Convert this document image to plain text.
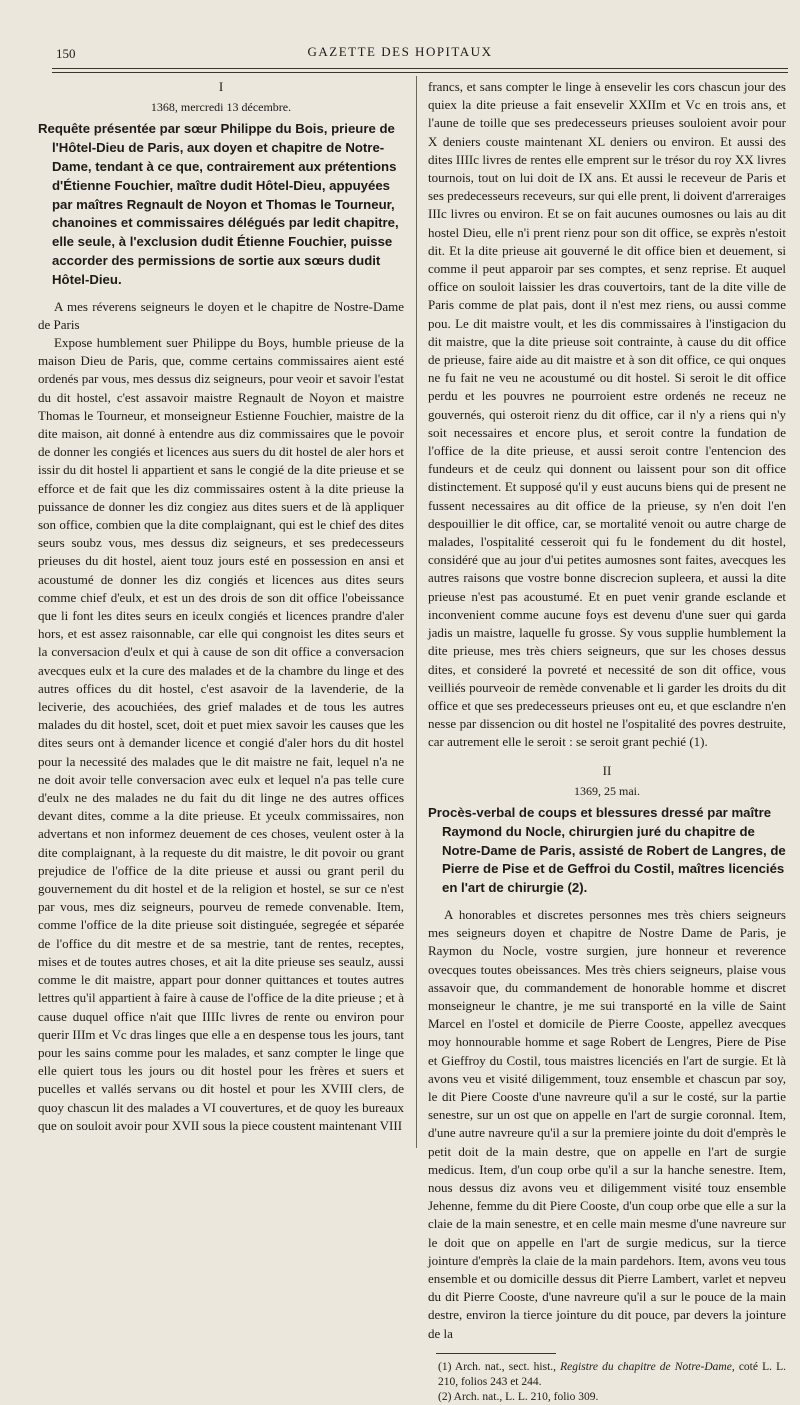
150	GAZETTE DES HOPITAUX
I
1368, mercredi 13 décembre.
Requête présentée par sœur Philippe du Bois, prieure de l'Hôtel-Dieu de Paris, aux doyen et chapitre de Notre-Dame, tendant à ce que, contrairement aux prétentions d'Étienne Fouchier, maître dudit Hôtel-Dieu, appuyées par maîtres Regnault de Noyon et Thomas le Tourneur, chanoines et commissaires délégués par ledit chapitre, elle seule, à l'exclusion dudit Étienne Fouchier, puisse accorder des permissions de sortie aux sœurs dudit Hôtel-Dieu.

A mes réverens seigneurs le doyen et le chapitre de Nostre-Dame de Paris

Expose humblement suer Philippe du Boys, humble prieuse de la maison Dieu de Paris, que, comme certains commissaires aient esté ordenés par vous, mes dessus diz seigneurs, pour veoir et savoir l'estat du dit hostel, c'est assavoir maistre Regnault de Noyon et maistre Thomas le Tourneur, et monseigneur Estienne Fouchier, maistre de la dite maison, ait donné à entendre aus diz commissaires que le povoir de donner les congiés et licences aus suers du dit hostel de aler hors et issir du dit hostel li appartient et sans le congié de la dite prieuse et se efforce et de fait que les diz commissaires ostent à la dite prieuse la puissance de donner les diz congiez aus dites suers et de là appliquer son office, combien que la dite complaignant, qui est le chief des dites seurs soubz vous, mes dessus diz seigneurs, et ses predecesseurs prieuses du dit hostel, aient touz jours esté en possession en ansi et acoustumé de donner les diz congiés et licences aus dites seurs comme chief d'eulx, et est un des drois de son dit office l'obeissance que li font les dites seurs en iceulx congiés et licences prandre d'aler hors, et est assez raisonnable, car elle qui congnoist les dites seurs et la conversacion d'eulx et qui à cause de son dit office a conversacion avecques eulx et la cure des malades et de la chambre du linge et des autres offices du dit hostel, c'est asavoir de la lavenderie, de la leciverie, des acouchiées, des grief malades et de tous les autres malades du dit hostel, scet, doit et puet miex savoir les causes que les dites seurs ont à demander licence et congié d'aler hors du dit hostel pour la necessité des malades que le dit maistre ne fait, lequel n'a ne ne doit avoir telle conversacion avec eulx et lequel n'a pas telle cure d'eulx ne des malades ne du fait du dit linge ne des autres offices devant dites, comme a la dite prieuse. Et yceulx commissaires, non advertans et non informez deuement de ces choses, veulent oster à la dite complaignant, à la requeste du dit maistre, le dit povoir ou grant prejudice de l'office de la dite prieuse et aussi ou grant peril du gouvernement du dit hostel et de la religion et hostel, se sur ce n'est par vous, mes diz seigneurs, pourveu de remede convenable. Item, comme l'office de la dite prieuse soit distinguée, segregée et séparée de l'office du dit mestre et de sa mestrie, tant de rentes, receptes, mises et de toutes autres choses, et ait la dite prieuse ses seaulz, aussi comme le dit maistre, appart pour donner quittances et toutes autres lettres qu'il appartient à faire à cause de l'office de la dite prieuse ; et à cause duquel office n'ait que IIIIc livres de rente ou environ pour querir IIIm et Vc dras linges que elle a en despense tous les jours, tant pour les sains comme pour les malades, et sanz compter le linge que elle quiert tous les jours ou dit hostel pour les frères et suers et pucelles et vallés servans ou dit hostel et pour les XVIII clers, de quoy chascun lit des malades a VI couvertures, et de quoy les bureaux que on souloit avoir pour XVII sous la piece coustent maintenant VIII

francs, et sans compter le linge à ensevelir les cors chascun jour des quiex la dite prieuse a fait ensevelir XXIIm et Vc en trois ans, et l'aune de toille que ses predecesseurs prieuses souloient avoir pour X deniers couste maintenant XL deniers ou environ. Et aussi des dites IIIIc livres de rentes elle emprent sur le trésor du roy XX livres tournois, tout on lui doit de IX ans. Et aussi le receveur de Paris et ses predecesseurs receveurs, sur qui elle prent, li doivent d'arreraiges IIIc livres ou environ. Et se on fait aucunes oumosnes ou lais au dit hostel Dieu, elle n'i prent rienz pour son dit office, se exprès n'estoit dit. Et la dite prieuse ait gouverné le dit office bien et deuement, si comme il peut apparoir par ses comptes, et senz reprise. Et auquel office on souloit laissier les dras couvertoirs, tant de la dite ville de Paris comme de plat pais, dont il n'est mez riens, ou aussi comme pou. Le dit maistre voult, et les dis commissaires à l'instigacion du dit maistre, que la dite prieuse soit contrainte, à cause du dit office de prieuse, faire aide au dit maistre et à son dit office, ce qui onques ne fu fait ne veu ne acoustumé ou dit hostel. Si seroit le dit office perdu et les pouvres ne pourroient estre ordenés ne receuz ne gouvernés, qui osteroit rienz du dit office, car il n'y a riens qui n'y soit necessaires et encore plus, et seroit contre la fundation de l'office de la dite prieuse, et aussi seroit contre l'entencion des fundeurs et de ceulz qui donnent ou laissent pour son dit office distinctement. Et supposé qu'il y eust aucuns biens qui de present ne fussent necessaires au dit office de la prieuse, sy n'en doit l'en despouillier le dit office, car, se mortalité venoit ou autre charge de malades, l'ospitalité cesseroit qui fu le fondement du dit hostel, considéré que au jour d'ui petites aumosnes sont faites, avecques les autres raisons que vostre bonne discrecion supleera, et aussi la dite prieuse n'est pas acoustumé. Et en puet venir grande esclande et inconvenient comme aucune foys est devenu d'une suer qui garda jadis un maistre, laquelle fu grosse. Sy vous supplie humblement la dite prieuse, mes très chiers seigneurs, que sur les choses dessus dites, et consideré la povreté et necessité de son dit office, vous veilliés pourveoir de remède convenable et li garder les droits du dit office et que ses predecesseurs prieuses ont eu, et que esclandre n'en nesse par dissencion ou dit hostel ne l'ospitalité des povres destruite, car autrement elle le seroit : se seroit grant pechié (1).

II
1369, 25 mai.
Procès-verbal de coups et blessures dressé par maître Raymond du Nocle, chirurgien juré du chapitre de Notre-Dame de Paris, assisté de Robert de Langres, de Pierre de Pise et de Geffroi du Costil, maîtres licenciés en l'art de chirurgie (2).

A honorables et discretes personnes mes très chiers seigneurs mes seigneurs doyen et chapitre de Nostre Dame de Paris, je Raymon du Nocle, vostre surgien, jure honneur et reverence ovecques toutes obeissances. Mes très chiers seigneurs, plaise vous assavoir que, du commandement de honorable homme et discret monseigneur le chantre, je me sui transporté en la ville de Saint Marcel en l'ostel et domicile de Pierre Cooste, appellez avecques moy honnourable homme et sage Robert de Lengres, Piere de Pise et Gieffroy du Costil, tous maistres licenciés en l'art de surgie. Et là avons veu et visité diligemment, touz ensemble et chascun par soy, le dit Piere Cooste d'une navreure qu'il a sur le costé, sur la partie senestre, sur un ost que on appelle en l'art de surgie coronnal. Item, d'une autre navreure qu'il a sur la premiere jointe du doit d'emprès le petit doit de la main destre, que on appelle en l'art de surgie medicus. Item, d'un coup orbe qu'il a sur la hanche senestre. Item, nous dessus diz avons veu et diligemment visité touz ensemble Jehenne, femme du dit Piere Cooste, d'un coup orbe que elle a sur la claie de la main senestre, et en celle main mesme d'une navreure sur le doit que on appelle en l'art de surgie medicus, sur la tierce jointure d'emprès la claie de la main pardehors. Item, avons veu tous ensemble et ou domicille dessus dit Pierre Lambert, varlet et nepveu du dit Pierre Cooste, d'une navreure qu'il a sur le pouce de la main destre, environ la tierce jointure du dit pouce, par devers la jointure de la

(1) Arch. nat., sect. hist., Registre du chapitre de Notre-Dame, coté L. L. 210, folios 243 et 244.

(2) Arch. nat., L. L. 210, folio 309.
